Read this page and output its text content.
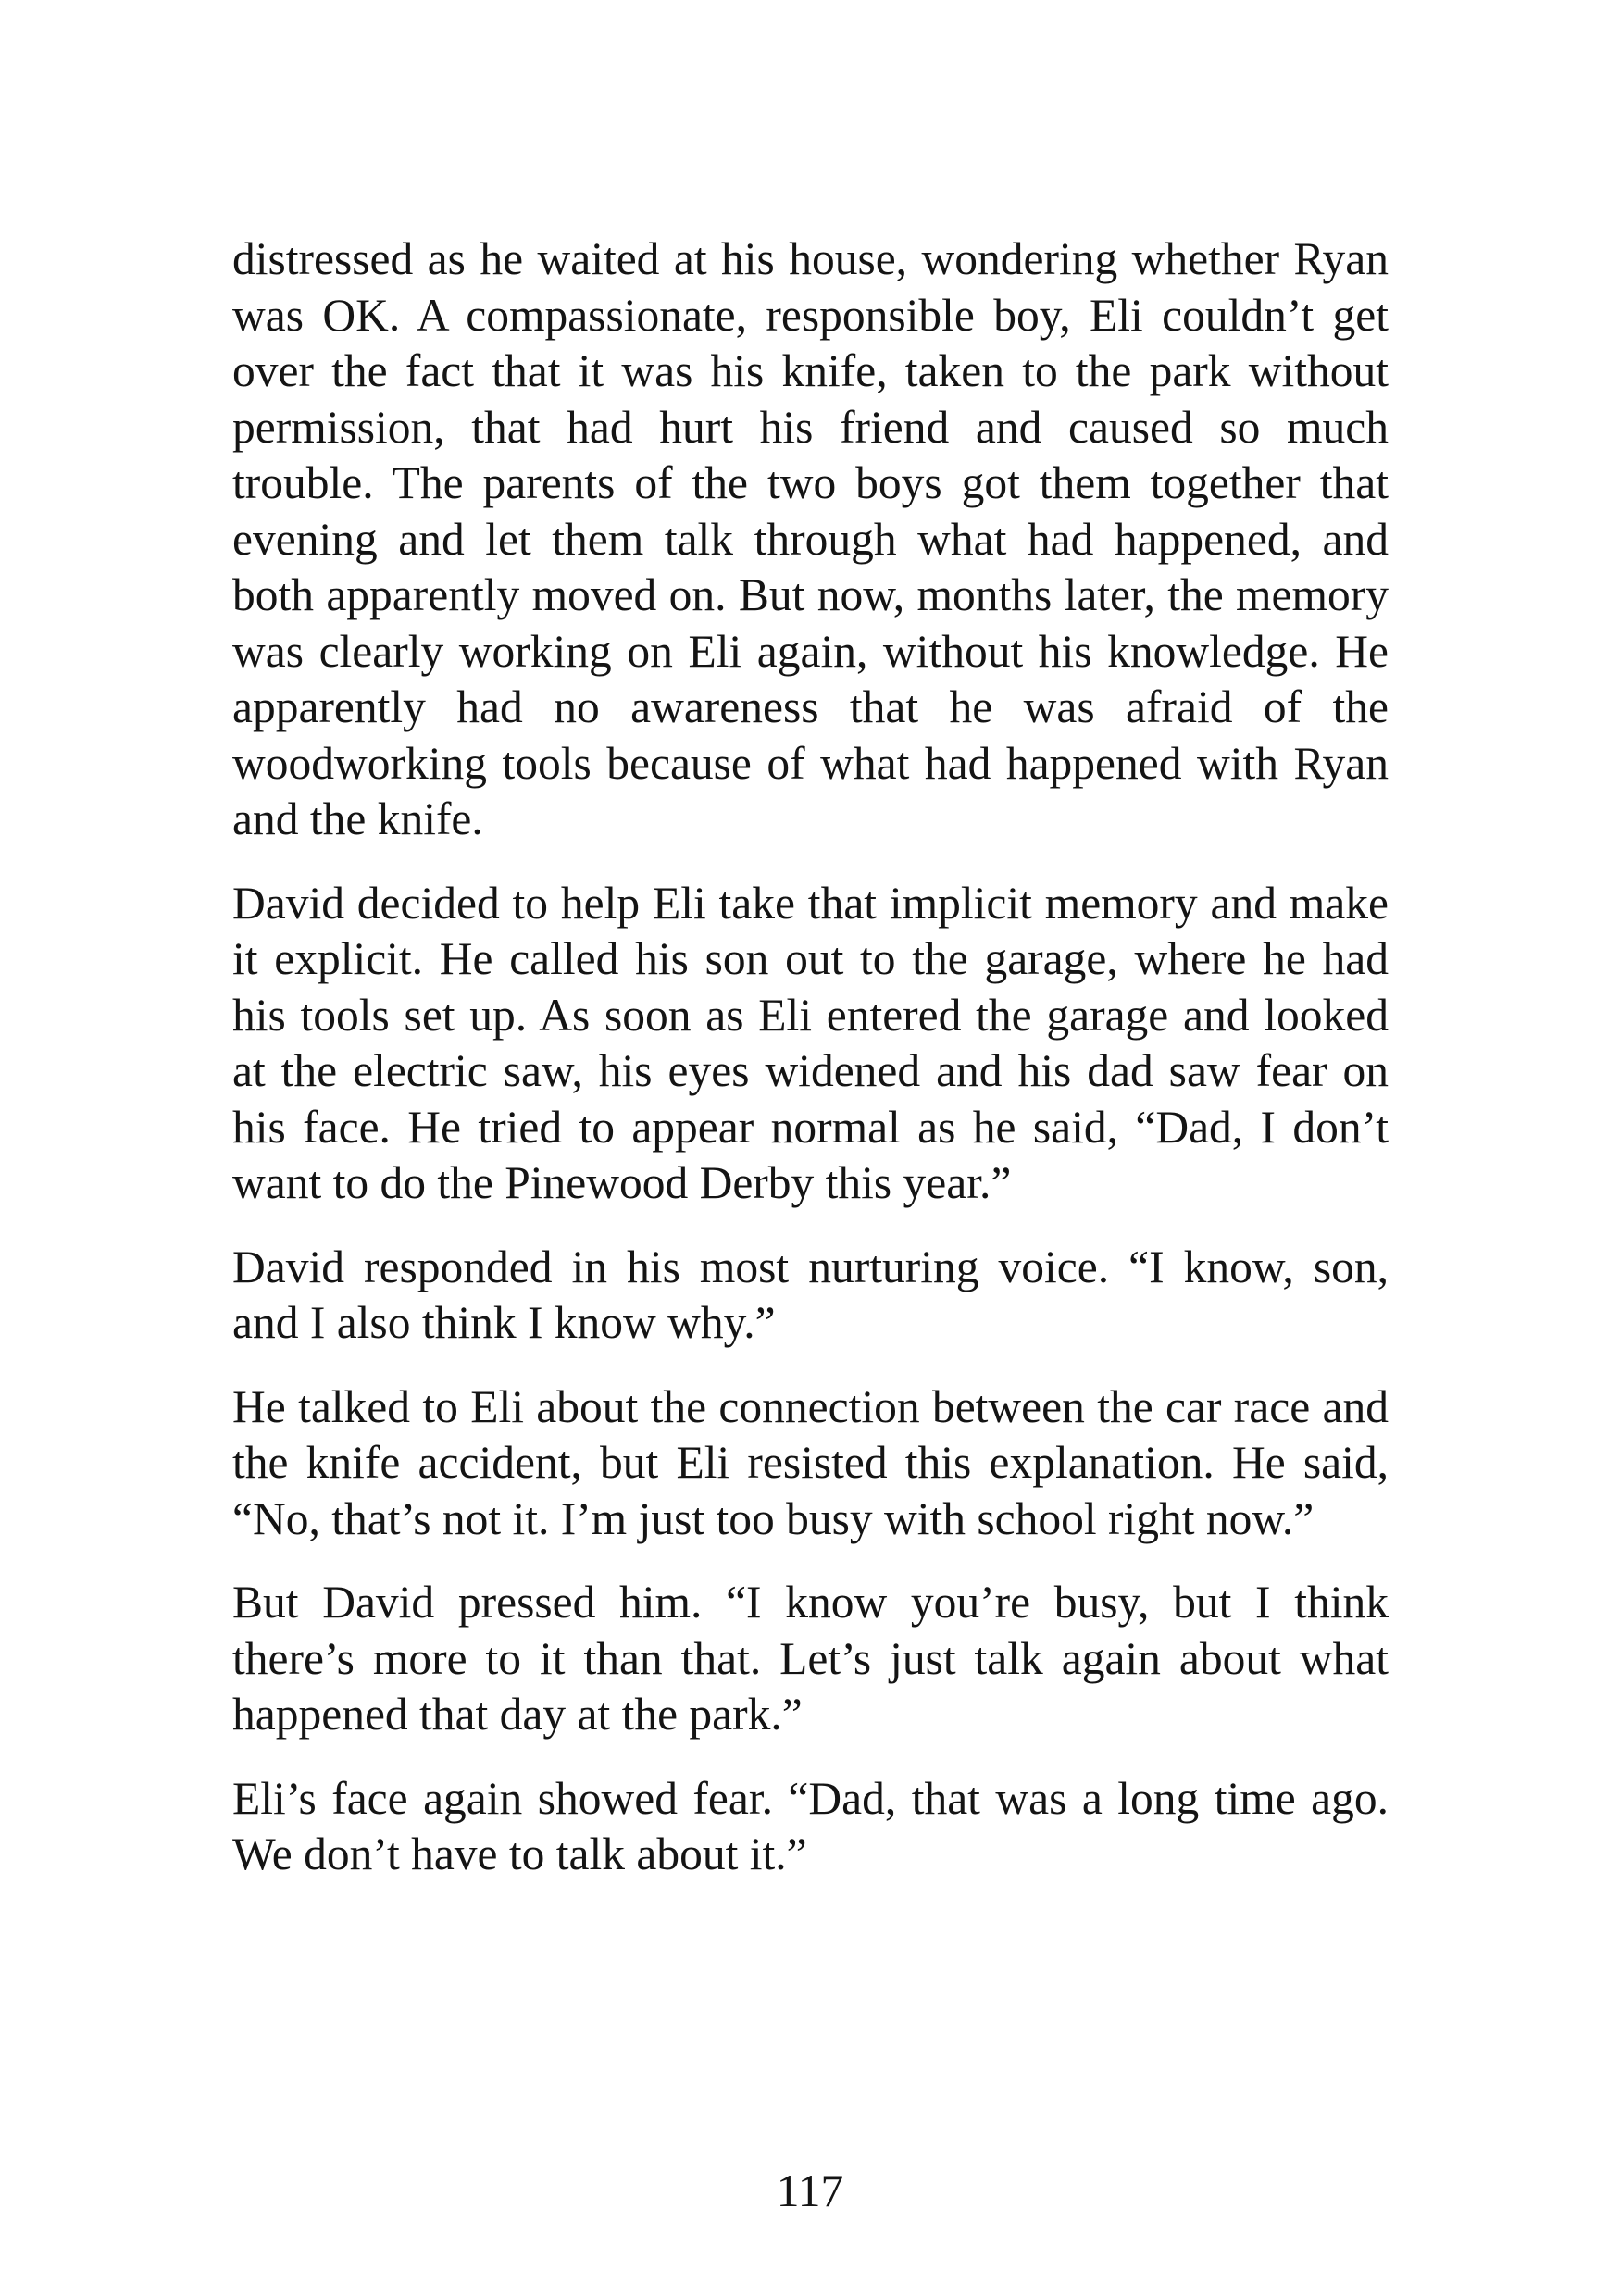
distressed as he waited at his house, wondering whether Ryan was OK. A compassionate, responsible boy, Eli couldn’t get over the fact that it was his knife, taken to the park without permission, that had hurt his friend and caused so much trouble. The parents of the two boys got them together that evening and let them talk through what had happened, and both apparently moved on. But now, months later, the memory was clearly working on Eli again, without his knowledge. He apparently had no awareness that he was afraid of the woodworking tools because of what had happened with Ryan and the knife.

David decided to help Eli take that implicit memory and make it explicit. He called his son out to the garage, where he had his tools set up. As soon as Eli entered the garage and looked at the electric saw, his eyes widened and his dad saw fear on his face. He tried to appear normal as he said, “Dad, I don’t want to do the Pinewood Derby this year.”

David responded in his most nurturing voice. “I know, son, and I also think I know why.”

He talked to Eli about the connection between the car race and the knife accident, but Eli resisted this explanation. He said, “No, that’s not it. I’m just too busy with school right now.”

But David pressed him. “I know you’re busy, but I think there’s more to it than that. Let’s just talk again about what happened that day at the park.”

Eli’s face again showed fear. “Dad, that was a long time ago. We don’t have to talk about it.”

117
